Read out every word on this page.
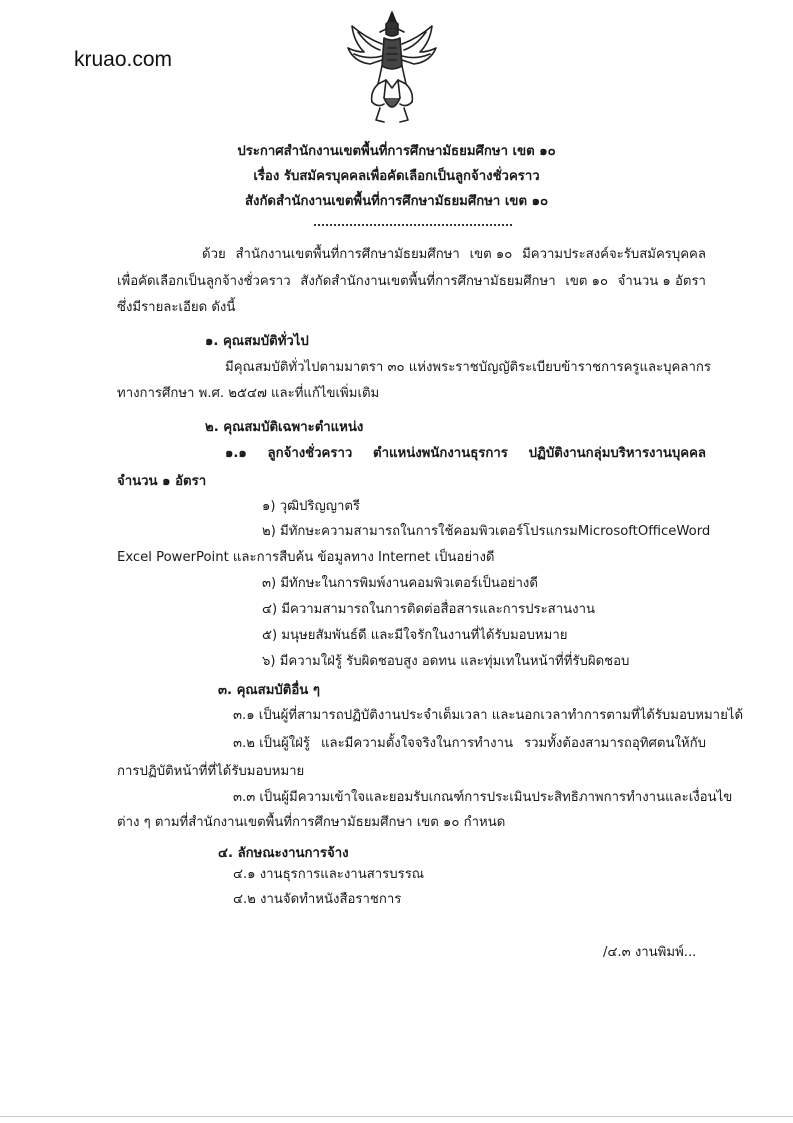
kruao.com
ประกาศสำนักงานเขตพื้นที่การศึกษามัธยมศึกษา เขต ๑๐
เรื่อง รับสมัครบุคคลเพื่อคัดเลือกเป็นลูกจ้างชั่วคราว
สังกัดสำนักงานเขตพื้นที่การศึกษามัธยมศึกษา เขต ๑๐
ด้วย สำนักงานเขตพื้นที่การศึกษามัธยมศึกษา เขต ๑๐ มีความประสงค์จะรับสมัครบุคคล
เพื่อคัดเลือกเป็นลูกจ้างชั่วคราว สังกัดสำนักงานเขตพื้นที่การศึกษามัธยมศึกษา เขต ๑๐ จำนวน ๑ อัตรา
ซึ่งมีรายละเอียด ดังนี้
๑. คุณสมบัติทั่วไป
มีคุณสมบัติทั่วไปตามมาตรา ๓๐ แห่งพระราชบัญญัติระเบียบข้าราชการครูและบุคลากร
ทางการศึกษา พ.ศ. ๒๕๔๗ และที่แก้ไขเพิ่มเติม
๒. คุณสมบัติเฉพาะตำแหน่ง
๑.๑ ลูกจ้างชั่วคราว ตำแหน่งพนักงานธุรการ ปฏิบัติงานกลุ่มบริหารงานบุคคล
จำนวน ๑ อัตรา
๑) วุฒิปริญญาตรี
๒) มีทักษะความสามารถในการใช้คอมพิวเตอร์โปรแกรม Microsoft Office Word
Excel PowerPoint และการสืบค้น ข้อมูลทาง Internet เป็นอย่างดี
๓) มีทักษะในการพิมพ์งานคอมพิวเตอร์เป็นอย่างดี
๔) มีความสามารถในการติดต่อสื่อสารและการประสานงาน
๕) มนุษยสัมพันธ์ดี และมีใจรักในงานที่ได้รับมอบหมาย
๖) มีความใฝ่รู้ รับผิดชอบสูง อดทน และทุ่มเทในหน้าที่ที่รับผิดชอบ
๓. คุณสมบัติอื่น ๆ
๓.๑ เป็นผู้ที่สามารถปฏิบัติงานประจำเต็มเวลา และนอกเวลาทำการตามที่ได้รับมอบหมายได้
๓.๒ เป็นผู้ใฝ่รู้ และมีความตั้งใจจริงในการทำงาน รวมทั้งต้องสามารถอุทิศตนให้กับ
การปฏิบัติหน้าที่ที่ได้รับมอบหมาย
๓.๓ เป็นผู้มีความเข้าใจและยอมรับเกณฑ์การประเมินประสิทธิภาพการทำงาน และเงื่อนไข
ต่าง ๆ ตามที่สำนักงานเขตพื้นที่การศึกษามัธยมศึกษา เขต ๑๐ กำหนด
๔. ลักษณะงานการจ้าง
๔.๑ งานธุรการและงานสารบรรณ
๔.๒ งานจัดทำหนังสือราชการ
/๔.๓ งานพิมพ์...
